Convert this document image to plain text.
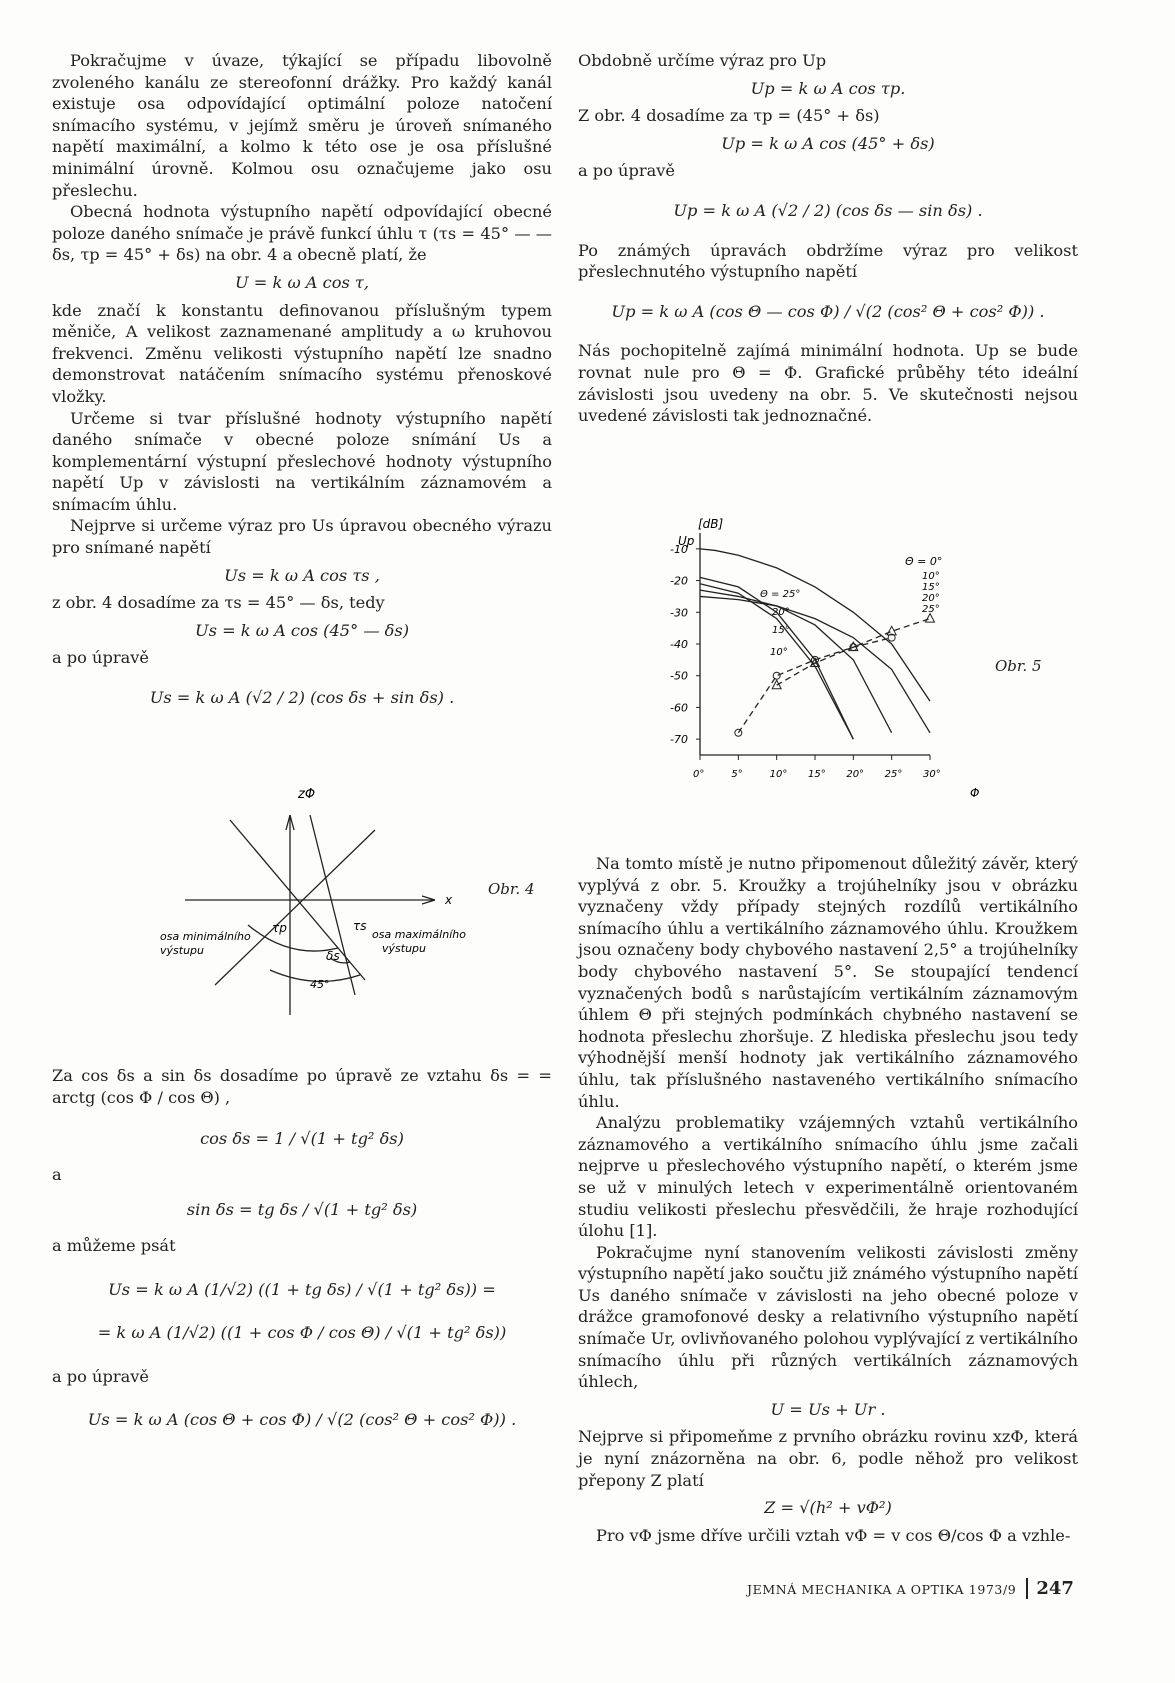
Pokračujme v úvaze, týkající se případu libovolně zvoleného kanálu ze stereofonní drážky. Pro každý kanál existuje osa odpovídající optimální poloze natočení snímacího systému, v jejímž směru je úroveň snímaného napětí maximální, a kolmo k této ose je osa příslušné minimální úrovně. Kolmou osu označujeme jako osu přeslechu.

Obecná hodnota výstupního napětí odpovídající obecné poloze daného snímače je právě funkcí úhlu τ (τs = 45° — — δs, τp = 45° + δs) na obr. 4 a obecně platí, že

U = k ω A cos τ,

kde značí k konstantu definovanou příslušným typem měniče, A velikost zaznamenané amplitudy a ω kruhovou frekvenci. Změnu velikosti výstupního napětí lze snadno demonstrovat natáčením snímacího systému přenoskové vložky.

Určeme si tvar příslušné hodnoty výstupního napětí daného snímače v obecné poloze snímání Us a komplementární výstupní přeslechové hodnoty výstupního napětí Up v závislosti na vertikálním záznamovém a snímacím úhlu.

Nejprve si určeme výraz pro Us úpravou obecného výrazu pro snímané napětí

Us = k ω A cos τs ,

z obr. 4 dosadíme za τs = 45° — δs, tedy

Us = k ω A cos (45° — δs)

a po úpravě

Us = k ω A (√2 / 2) (cos δs + sin δs) .

zΦ
x
osa minimálního výstupu
osa maximálního výstupu
τp	τs
δs
45°
Obr. 4

Za cos δs a sin δs dosadíme po úpravě ze vztahu δs = = arctg (cos Φ / cos Θ) ,

cos δs = 1 / √(1 + tg² δs)

a

sin δs = tg δs / √(1 + tg² δs)

a můžeme psát

Us = k ω A (1/√2) ((1 + tg δs) / √(1 + tg² δs)) =

= k ω A (1/√2) ((1 + cos Φ / cos Θ) / √(1 + tg² δs))

a po úpravě

Us = k ω A (cos Θ + cos Φ) / √(2 (cos² Θ + cos² Φ)) .

Obdobně určíme výraz pro Up

Up = k ω A cos τp.

Z obr. 4 dosadíme za τp = (45° + δs)

Up = k ω A cos (45° + δs)

a po úpravě

Up = k ω A (√2 / 2) (cos δs — sin δs) .

Po známých úpravách obdržíme výraz pro velikost přeslechnutého výstupního napětí

Up = k ω A (cos Θ — cos Φ) / √(2 (cos² Θ + cos² Φ)) .

Nás pochopitelně zajímá minimální hodnota. Up se bude rovnat nule pro Θ = Φ. Grafické průběhy této ideální závislosti jsou uvedeny na obr. 5. Ve skutečnosti nejsou uvedené závislosti tak jednoznačné.

[dB]
Up
Θ = 0°
Θ = 25°
20°
15°
10°
10°
15°
20°
25°
Φ
-10
-20
-30
-40
-50
-60
-70
0°	5°	10° 15° 20° 25° 30°
Obr. 5

Na tomto místě je nutno připomenout důležitý závěr, který vyplývá z obr. 5. Kroužky a trojúhelníky jsou v obrázku vyznačeny vždy případy stejných rozdílů vertikálního snímacího úhlu a vertikálního záznamového úhlu. Kroužkem jsou označeny body chybového nastavení 2,5° a trojúhelníky body chybového nastavení 5°. Se stoupající tendencí vyznačených bodů s narůstajícím vertikálním záznamovým úhlem Θ při stejných podmínkách chybného nastavení se hodnota přeslechu zhoršuje. Z hlediska přeslechu jsou tedy výhodnější menší hodnoty jak vertikálního záznamového úhlu, tak příslušného nastaveného vertikálního snímacího úhlu.

Analýzu problematiky vzájemných vztahů vertikálního záznamového a vertikálního snímacího úhlu jsme začali nejprve u přeslechového výstupního napětí, o kterém jsme se už v minulých letech v experimentálně orientovaném studiu velikosti přeslechu přesvědčili, že hraje rozhodující úlohu [1].

Pokračujme nyní stanovením velikosti závislosti změny výstupního napětí jako součtu již známého výstupního napětí Us daného snímače v závislosti na jeho obecné poloze v drážce gramofonové desky a relativního výstupního napětí snímače Ur, ovlivňovaného polohou vyplývající z vertikálního snímacího úhlu při různých vertikálních záznamových úhlech,

U = Us + Ur .

Nejprve si připomeňme z prvního obrázku rovinu xzΦ, která je nyní znázorněna na obr. 6, podle něhož pro velikost přepony Z platí

Z = √(h² + vΦ²)

Pro vΦ jsme dříve určili vztah vΦ = v cos Θ/cos Φ a vzhle-

JEMNÁ MECHANIKA A OPTIKA 1973/9 247
